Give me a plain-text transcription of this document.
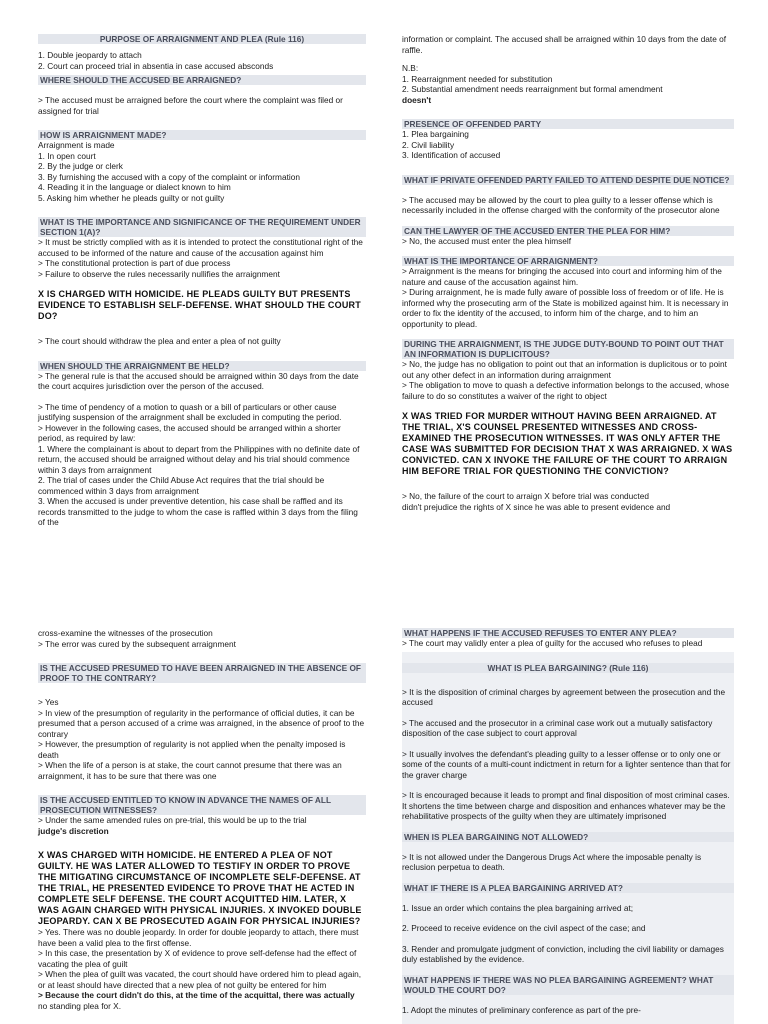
PURPOSE OF ARRAIGNMENT AND PLEA (Rule 116)
1. Double jeopardy to attach
2. Court can proceed trial in absentia in case accused absconds
WHERE SHOULD THE ACCUSED BE ARRAIGNED?
> The accused must be arraigned before the court where the complaint was filed or assigned for trial
HOW IS ARRAIGNMENT MADE?
Arraignment is made
1. In open court
2. By the judge or clerk
3. By furnishing the accused with a copy of the complaint or information
4. Reading it in the language or dialect known to him
5. Asking him whether he pleads guilty or not guilty
WHAT IS THE IMPORTANCE AND SIGNIFICANCE OF THE REQUIREMENT UNDER SECTION 1(A)?
> It must be strictly complied with as it is intended to protect the constitutional right of the accused to be informed of the nature and cause of the accusation against him
> The constitutional protection is part of due process
> Failure to observe the rules necessarily nullifies the arraignment
X IS CHARGED WITH HOMICIDE. HE PLEADS GUILTY BUT PRESENTS EVIDENCE TO ESTABLISH SELF-DEFENSE. WHAT SHOULD THE COURT DO?
> The court should withdraw the plea and enter a plea of not guilty
WHEN SHOULD THE ARRAIGNMENT BE HELD?
> The general rule is that the accused should be arraigned within 30 days from the date the court acquires jurisdiction over the person of the accused.
> The time of pendency of a motion to quash or a bill of particulars or other cause justifying suspension of the arraignment shall be excluded in computing the period.
> However in the following cases, the accused should be arranged within a shorter period, as required by law:
1. Where the complainant is about to depart from the Philippines with no definite date of return, the accused should be arraigned without delay and his trial should commence within 3 days from arraignment
2. The trial of cases under the Child Abuse Act requires that the trial should be commenced within 3 days from arraignment
3. When the accused is under preventive detention, his case shall be raffled and its records transmitted to the judge to whom the case is raffled within 3 days from the filing of the
information or complaint. The accused shall be arraigned within 10 days from the date of raffle.
N.B:
1. Rearraignment needed for substitution
2. Substantial amendment needs rearraignment but formal amendment
doesn't
PRESENCE OF OFFENDED PARTY
1. Plea bargaining
2. Civil liability
3. Identification of accused
WHAT IF PRIVATE OFFENDED PARTY FAILED TO ATTEND DESPITE DUE NOTICE?
> The accused may be allowed by the court to plea guilty to a lesser offense which is necessarily included in the offense charged with the conformity of the prosecutor alone
CAN THE LAWYER OF THE ACCUSED ENTER THE PLEA FOR HIM?
> No, the accused must enter the plea himself
WHAT IS THE IMPORTANCE OF ARRAIGNMENT?
> Arraignment is the means for bringing the accused into court and informing him of the nature and cause of the accusation against him.
> During arraignment, he is made fully aware of possible loss of freedom or of life. He is informed why the prosecuting arm of the State is mobilized against him. It is necessary in order to fix the identity of the accused, to inform him of the charge, and to him an opportunity to plead.
DURING THE ARRAIGNMENT, IS THE JUDGE DUTY-BOUND TO POINT OUT THAT AN INFORMATION IS DUPLICITOUS?
> No, the judge has no obligation to point out that an information is duplicitous or to point out any other defect in an information during arraignment
> The obligation to move to quash a defective information belongs to the accused, whose failure to do so constitutes a waiver of the right to object
X WAS TRIED FOR MURDER WITHOUT HAVING BEEN ARRAIGNED. AT THE TRIAL, X'S COUNSEL PRESENTED WITNESSES AND CROSS-EXAMINED THE PROSECUTION WITNESSES. IT WAS ONLY AFTER THE CASE WAS SUBMITTED FOR DECISION THAT X WAS ARRAIGNED. X WAS CONVICTED. CAN X INVOKE THE FAILURE OF THE COURT TO ARRAIGN HIM BEFORE TRIAL FOR QUESTIONING THE CONVICTION?
> No, the failure of the court to arraign X before trial was conducted
didn't prejudice the rights of X since he was able to present evidence and
cross-examine the witnesses of the prosecution
> The error was cured by the subsequent arraignment
IS THE ACCUSED PRESUMED TO HAVE BEEN ARRAIGNED IN THE ABSENCE OF PROOF TO THE CONTRARY?
> Yes
> In view of the presumption of regularity in the performance of official duties, it can be presumed that a person accused of a crime was arraigned, in the absence of proof to the contrary
> However, the presumption of regularity is not applied when the penalty imposed is death
> When the life of a person is at stake, the court cannot presume that there was an arraignment, it has to be sure that there was one
IS THE ACCUSED ENTITLED TO KNOW IN ADVANCE THE NAMES OF ALL PROSECUTION WITNESSES?
> Under the same amended rules on pre-trial, this would be up to the trial
judge's discretion
X WAS CHARGED WITH HOMICIDE. HE ENTERED A PLEA OF NOT GUILTY. HE WAS LATER ALLOWED TO TESTIFY IN ORDER TO PROVE THE MITIGATING CIRCUMSTANCE OF INCOMPLETE SELF-DEFENSE. AT THE TRIAL, HE PRESENTED EVIDENCE TO PROVE THAT HE ACTED IN COMPLETE SELF DEFENSE. THE COURT ACQUITTED HIM. LATER, X WAS AGAIN CHARGED WITH PHYSICAL INJURIES. X INVOKED DOUBLE JEOPARDY. CAN X BE PROSECUTED AGAIN FOR PHYSICAL INJURIES?
> Yes. There was no double jeopardy. In order for double jeopardy to attach, there must have been a valid plea to the first offense.
> In this case, the presentation by X of evidence to prove self-defense had the effect of vacating the plea of guilt
> When the plea of guilt was vacated, the court should have ordered him to plead again, or at least should have directed that a new plea of not guilty be entered for him
> Because the court didn't do this, at the time of the acquittal, there was actually
no standing plea for X.
WHAT HAPPENS IF THE ACCUSED REFUSES TO ENTER ANY PLEA?
> The court may validly enter a plea of guilty for the accused who refuses to plead
WHAT IS PLEA BARGAINING? (Rule 116)
> It is the disposition of criminal charges by agreement between the prosecution and the accused
> The accused and the prosecutor in a criminal case work out a mutually satisfactory disposition of the case subject to court approval
> It usually involves the defendant's pleading guilty to a lesser offense or to only one or some of the counts of a multi-count indictment in return for a lighter sentence than that for the graver charge
> It is encouraged because it leads to prompt and final disposition of most criminal cases. It shortens the time between charge and disposition and enhances whatever may be the rehabilitative prospects of the guilty when they are ultimately imprisoned
WHEN IS PLEA BARGAINING NOT ALLOWED?
> It is not allowed under the Dangerous Drugs Act where the imposable penalty is reclusion perpetua to death.
WHAT IF THERE IS A PLEA BARGAINING ARRIVED AT?
1. Issue an order which contains the plea bargaining arrived at;
2. Proceed to receive evidence on the civil aspect of the case; and
3. Render and promulgate judgment of conviction, including the civil liability or damages duly established by the evidence.
WHAT HAPPENS IF THERE WAS NO PLEA BARGAINING AGREEMENT? WHAT WOULD THE COURT DO?
1. Adopt the minutes of preliminary conference as part of the pre-
